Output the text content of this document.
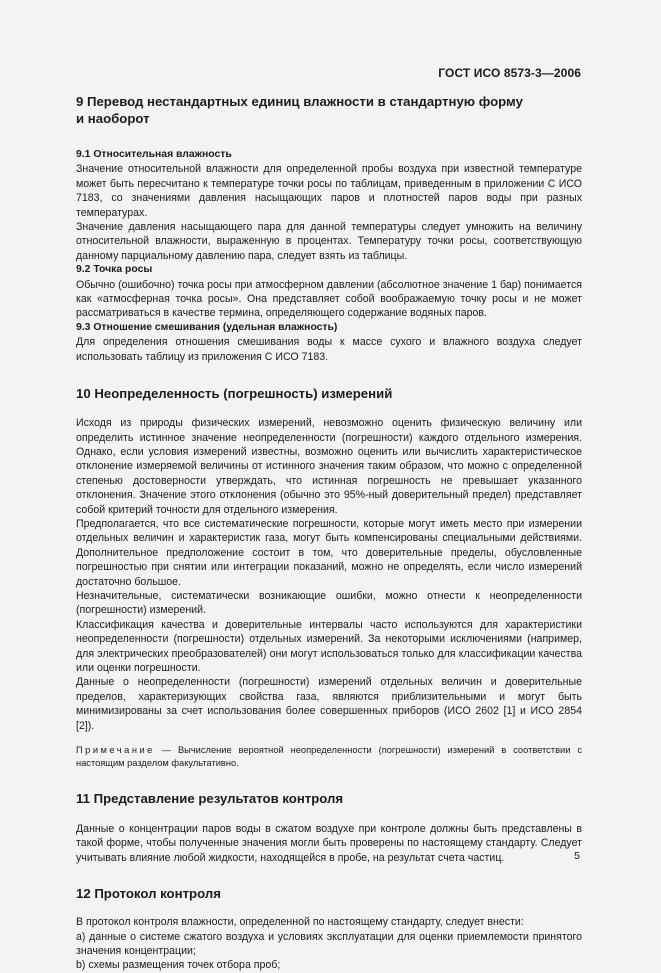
ГОСТ ИСО 8573-3—2006
9 Перевод нестандартных единиц влажности в стандартную форму
и наоборот
9.1 Относительная влажность

Значение относительной влажности для определенной пробы воздуха при известной температуре может быть пересчитано к температуре точки росы по таблицам, приведенным в приложении С ИСО 7183, со значениями давления насыщающих паров и плотностей паров воды при разных температурах.

Значение давления насыщающего пара для данной температуры следует умножить на величину относительной влажности, выраженную в процентах. Температуру точки росы, соответствующую данному парциальному давлению пара, следует взять из таблицы.

9.2 Точка росы

Обычно (ошибочно) точка росы при атмосферном давлении (абсолютное значение 1 бар) понимается как «атмосферная точка росы». Она представляет собой воображаемую точку росы и не может рассматриваться в качестве термина, определяющего содержание водяных паров.

9.3 Отношение смешивания (удельная влажность)

Для определения отношения смешивания воды к массе сухого и влажного воздуха следует использовать таблицу из приложения С ИСО 7183.

10 Неопределенность (погрешность) измерений

Исходя из природы физических измерений, невозможно оценить физическую величину или определить истинное значение неопределенности (погрешности) каждого отдельного измерения. Однако, если условия измерений известны, возможно оценить или вычислить характеристическое отклонение измеряемой величины от истинного значения таким образом, что можно с определенной степенью достоверности утверждать, что истинная погрешность не превышает указанного отклонения. Значение этого отклонения (обычно это 95%-ный доверительный предел) представляет собой критерий точности для отдельного измерения.

Предполагается, что все систематические погрешности, которые могут иметь место при измерении отдельных величин и характеристик газа, могут быть компенсированы специальными действиями. Дополнительное предположение состоит в том, что доверительные пределы, обусловленные погрешностью при снятии или интеграции показаний, можно не определять, если число измерений достаточно большое.

Незначительные, систематически возникающие ошибки, можно отнести к неопределенности (погрешности) измерений.

Классификация качества и доверительные интервалы часто используются для характеристики неопределенности (погрешности) отдельных измерений. За некоторыми исключениями (например, для электрических преобразователей) они могут использоваться только для классификации качества или оценки погрешности.

Данные о неопределенности (погрешности) измерений отдельных величин и доверительные пределов, характеризующих свойства газа, являются приблизительными и могут быть минимизированы за счет использования более совершенных приборов (ИСО 2602 [1] и ИСО 2854 [2]).

Примечание — Вычисление вероятной неопределенности (погрешности) измерений в соответствии с настоящим разделом факультативно.

11 Представление результатов контроля

Данные о концентрации паров воды в сжатом воздухе при контроле должны быть представлены в такой форме, чтобы полученные значения могли быть проверены по настоящему стандарту. Следует учитывать влияние любой жидкости, находящейся в пробе, на результат счета частиц.

12 Протокол контроля

В протокол контроля влажности, определенной по настоящему стандарту, следует внести:

a) данные о системе сжатого воздуха и условиях эксплуатации для оценки приемлемости принятого значения концентрации;

b) схемы размещения точек отбора проб;

5
